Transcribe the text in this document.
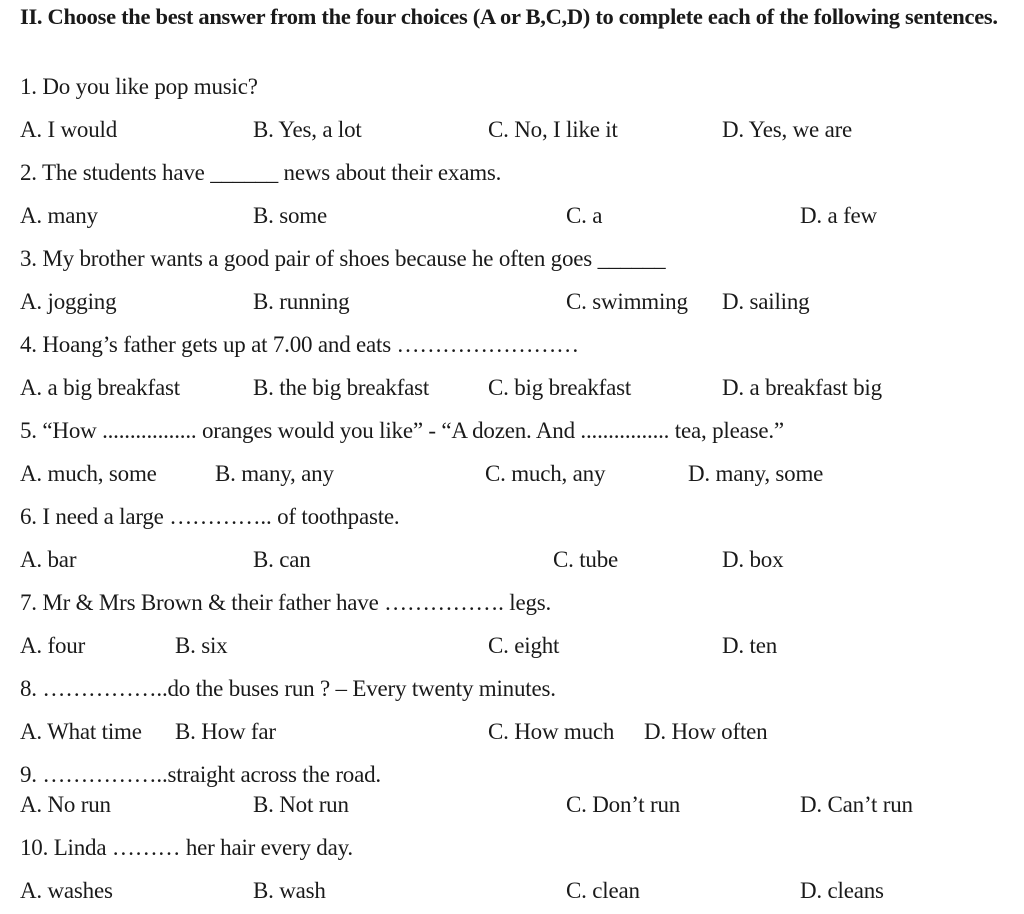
II. Choose the best answer from the four choices (A or B,C,D) to complete each of the following sentences.
1. Do you like pop music?
A. I would	B. Yes, a lot	C. No, I like it	D. Yes, we are
2. The students have ______ news about their exams.
A. many	B. some	C. a	D. a few
3. My brother wants a good pair of shoes because he often goes ______
A. jogging	B. running	C. swimming D. sailing
4. Hoang’s father gets up at 7.00 and eats ……………………
A. a big breakfast	B. the big breakfast	C. big breakfast	D. a breakfast big
5. “How ................. oranges would you like” - “A dozen. And ................ tea, please.”
A. much, some	B. many, any	C. much, any	D. many, some
6. I need a large ………….. of toothpaste.
A. bar	B. can	C. tube	D. box
7. Mr & Mrs Brown & their father have ……………. legs.
A. four	B. six	C. eight	D. ten
8. ……………..do the buses run ? – Every twenty minutes.
A. What time B. How far	C. How much D. How often
9. ……………..straight across the road.
A. No run	B. Not run	C. Don’t run	D. Can’t run
10. Linda ……… her hair every day.
A. washes	B. wash	C. clean	D. cleans
